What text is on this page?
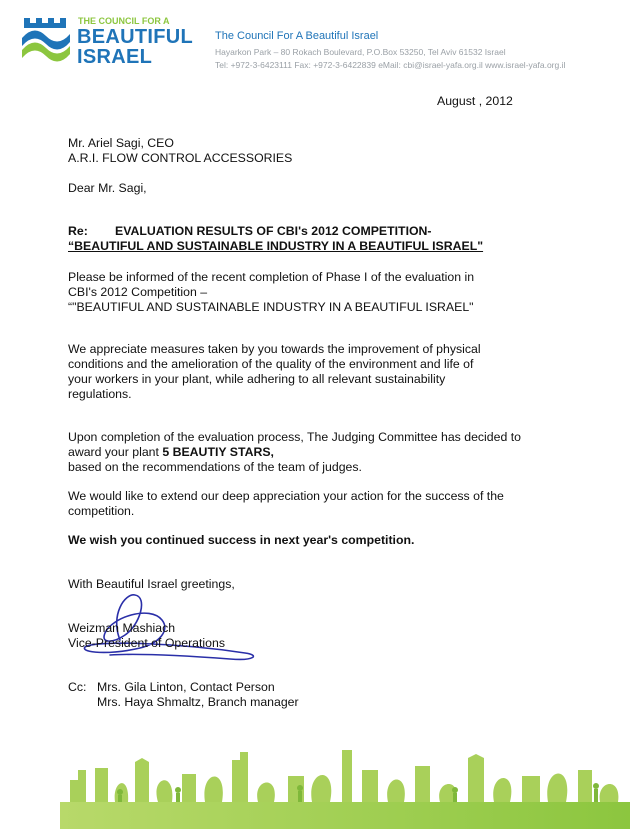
THE COUNCIL FOR A
BEAUTIFUL
ISRAEL
The Council For A Beautiful Israel
Hayarkon Park – 80 Rokach Boulevard, P.O.Box 53250, Tel Aviv 61532 Israel
Tel: +972-3-6423111 Fax: +972-3-6422839 eMail: cbi@israel-yafa.org.il www.israel-yafa.org.il
August , 2012
Mr. Ariel Sagi, CEO
A.R.I. FLOW CONTROL ACCESSORIES
Dear Mr. Sagi,
Re: EVALUATION RESULTS OF CBI's 2012 COMPETITION-
“BEAUTIFUL AND SUSTAINABLE INDUSTRY IN A BEAUTIFUL ISRAEL"
Please be informed of the recent completion of Phase I of the evaluation in
CBI's 2012 Competition –
“"BEAUTIFUL AND SUSTAINABLE INDUSTRY IN A BEAUTIFUL ISRAEL"
We appreciate measures taken by you towards the improvement of physical
conditions and the amelioration of the quality of the environment and life of
your workers in your plant, while adhering to all relevant sustainability
regulations.
Upon completion of the evaluation process, The Judging Committee has decided to
award your plant 5 BEAUTIY STARS,
based on the recommendations of the team of judges.
We would like to extend our deep appreciation your action for the success of the
competition.
We wish you continued success in next year's competition.
With Beautiful Israel greetings,
Weizman Mashiach
Vice-President of Operations
Cc: Mrs. Gila Linton, Contact Person
Mrs. Haya Shmaltz, Branch manager
